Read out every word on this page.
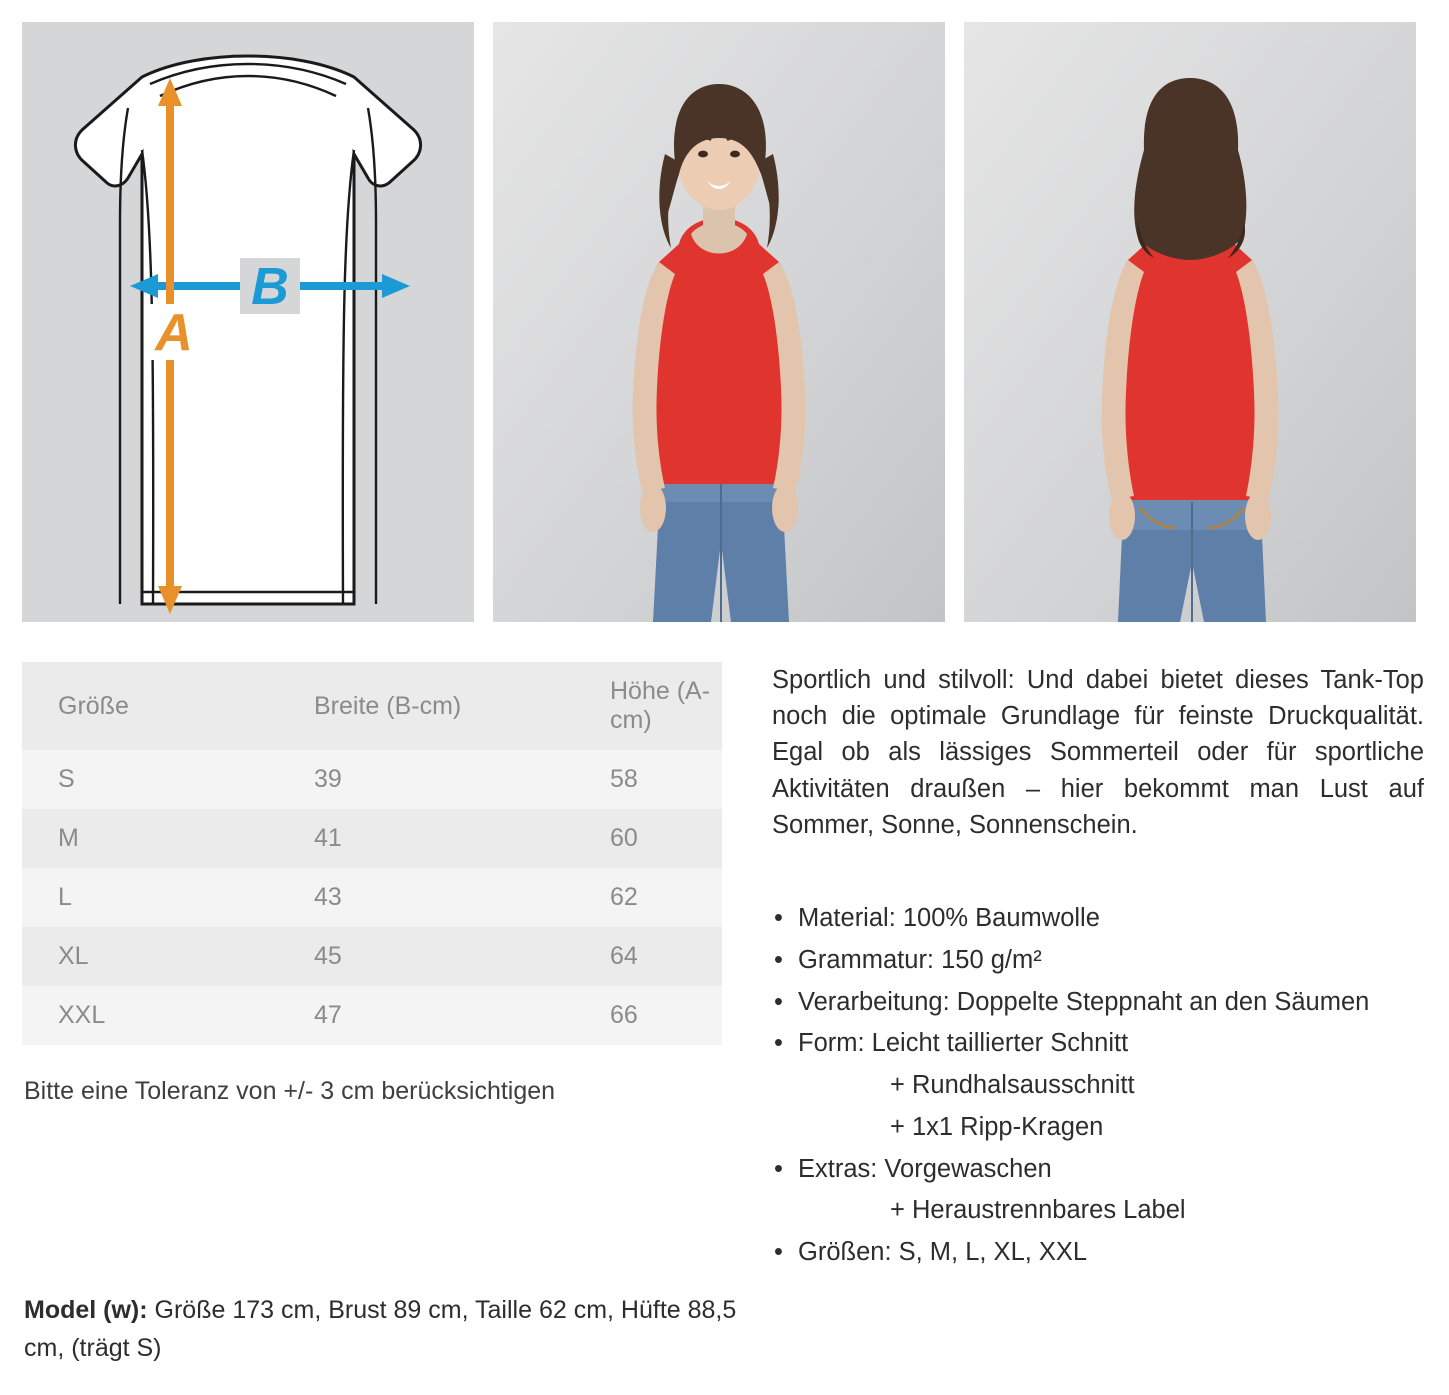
B
A
Größe	Breite (B-cm)	Höhe (A-cm)
S	39	58
M	41	60
L	43	62
XL	45	64
XXL	47	66
Bitte eine Toleranz von +/- 3 cm berücksichtigen

Sportlich und stilvoll: Und dabei bietet dieses Tank-Top noch die optimale Grundlage für feinste Druckqualität. Egal ob als lässiges Sommerteil oder für sportliche Aktivitäten draußen – hier bekommt man Lust auf Sommer, Sonne, Sonnenschein.

• Material: 100% Baumwolle
• Grammatur: 150 g/m²
• Verarbeitung: Doppelte Steppnaht an den Säumen
• Form: Leicht taillierter Schnitt
+ Rundhalsausschnitt
+ 1x1 Ripp-Kragen
• Extras: Vorgewaschen
+ Heraustrennbares Label
• Größen: S, M, L, XL, XXL
Model (w): Größe 173 cm, Brust 89 cm, Taille 62 cm, Hüfte 88,5 cm, (trägt S)
